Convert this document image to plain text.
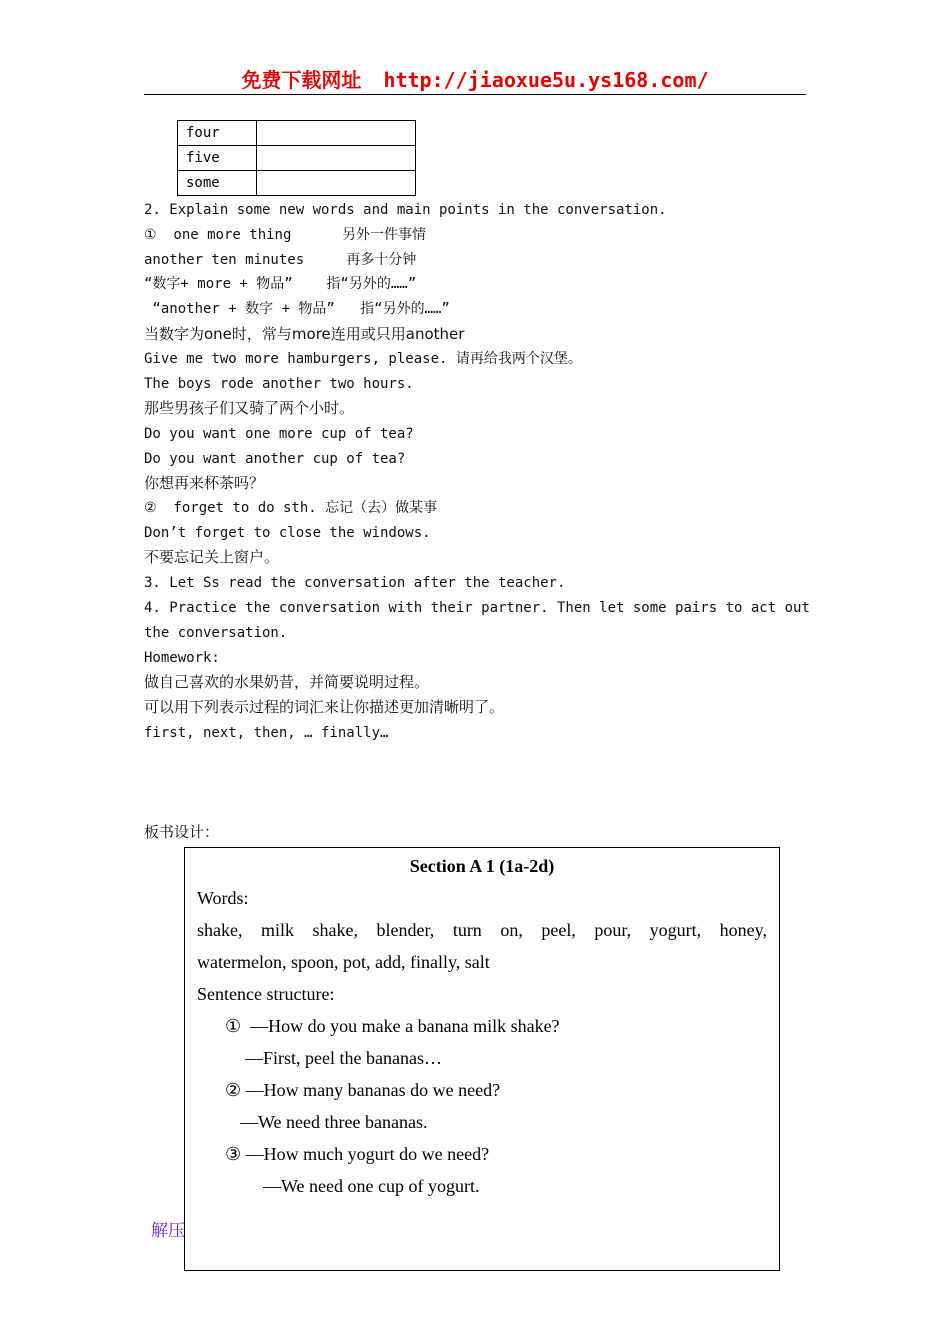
免费下载网址 http://jiaoxue5u.ys168.com/
four	
five	
some	
2. Explain some new words and main points in the conversation.
①  one more thing      另外一件事情
another ten minutes     再多十分钟
“数字+ more + 物品”    指“另外的……”
“another + 数字 + 物品”   指“另外的……”
当数字为one时，常与more连用或只用another
Give me two more hamburgers, please. 请再给我两个汉堡。
The boys rode another two hours.
那些男孩子们又骑了两个小时。
Do you want one more cup of tea?
Do you want another cup of tea?
你想再来杯茶吗？
②  forget to do sth. 忘记（去）做某事
Don’t forget to close the windows.
不要忘记关上窗户。
3. Let Ss read the conversation after the teacher.
4. Practice the conversation with their partner. Then let some pairs to act out
the conversation.
Homework:
做自己喜欢的水果奶昔，并简要说明过程。
可以用下列表示过程的词汇来让你描述更加清晰明了。
first, next, then, … finally…
板书设计：
解压
Section A 1 (1a-2d)
Words:
shake, milk shake, blender, turn on, peel, pour, yogurt, honey,
watermelon, spoon, pot, add, finally, salt
Sentence structure:
①  —How do you make a banana milk shake?
—First, peel the bananas…
② —How many bananas do we need?
—We need three bananas.
③ —How much yogurt do we need?
—We need one cup of yogurt.
